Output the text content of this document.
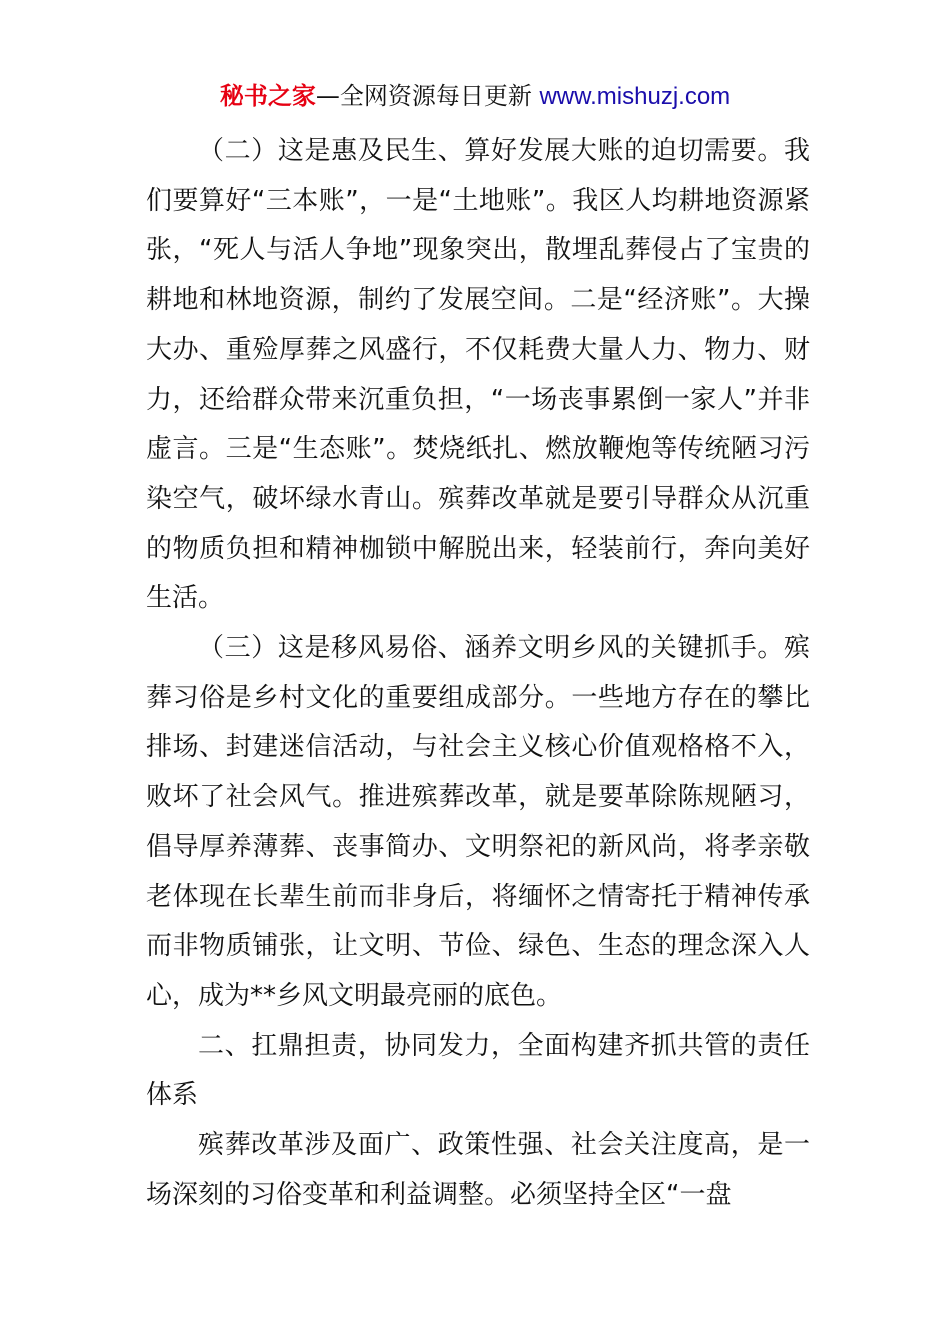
秘书之家—全网资源每日更新 www.mishuzj.com

（二）这是惠及民生、算好发展大账的迫切需要。我们要算好“三本账”，一是“土地账”。我区人均耕地资源紧张，“死人与活人争地”现象突出，散埋乱葬侵占了宝贵的耕地和林地资源，制约了发展空间。二是“经济账”。大操大办、重殓厚葬之风盛行，不仅耗费大量人力、物力、财力，还给群众带来沉重负担，“一场丧事累倒一家人”并非虚言。三是“生态账”。焚烧纸扎、燃放鞭炮等传统陋习污染空气，破坏绿水青山。殡葬改革就是要引导群众从沉重的物质负担和精神枷锁中解脱出来，轻装前行，奔向美好生活。

（三）这是移风易俗、涵养文明乡风的关键抓手。殡葬习俗是乡村文化的重要组成部分。一些地方存在的攀比排场、封建迷信活动，与社会主义核心价值观格格不入，败坏了社会风气。推进殡葬改革，就是要革除陈规陋习，倡导厚养薄葬、丧事简办、文明祭祀的新风尚，将孝亲敬老体现在长辈生前而非身后，将缅怀之情寄托于精神传承而非物质铺张，让文明、节俭、绿色、生态的理念深入人心，成为**乡风文明最亮丽的底色。

二、扛鼎担责，协同发力，全面构建齐抓共管的责任体系

殡葬改革涉及面广、政策性强、社会关注度高，是一场深刻的习俗变革和利益调整。必须坚持全区“一盘
